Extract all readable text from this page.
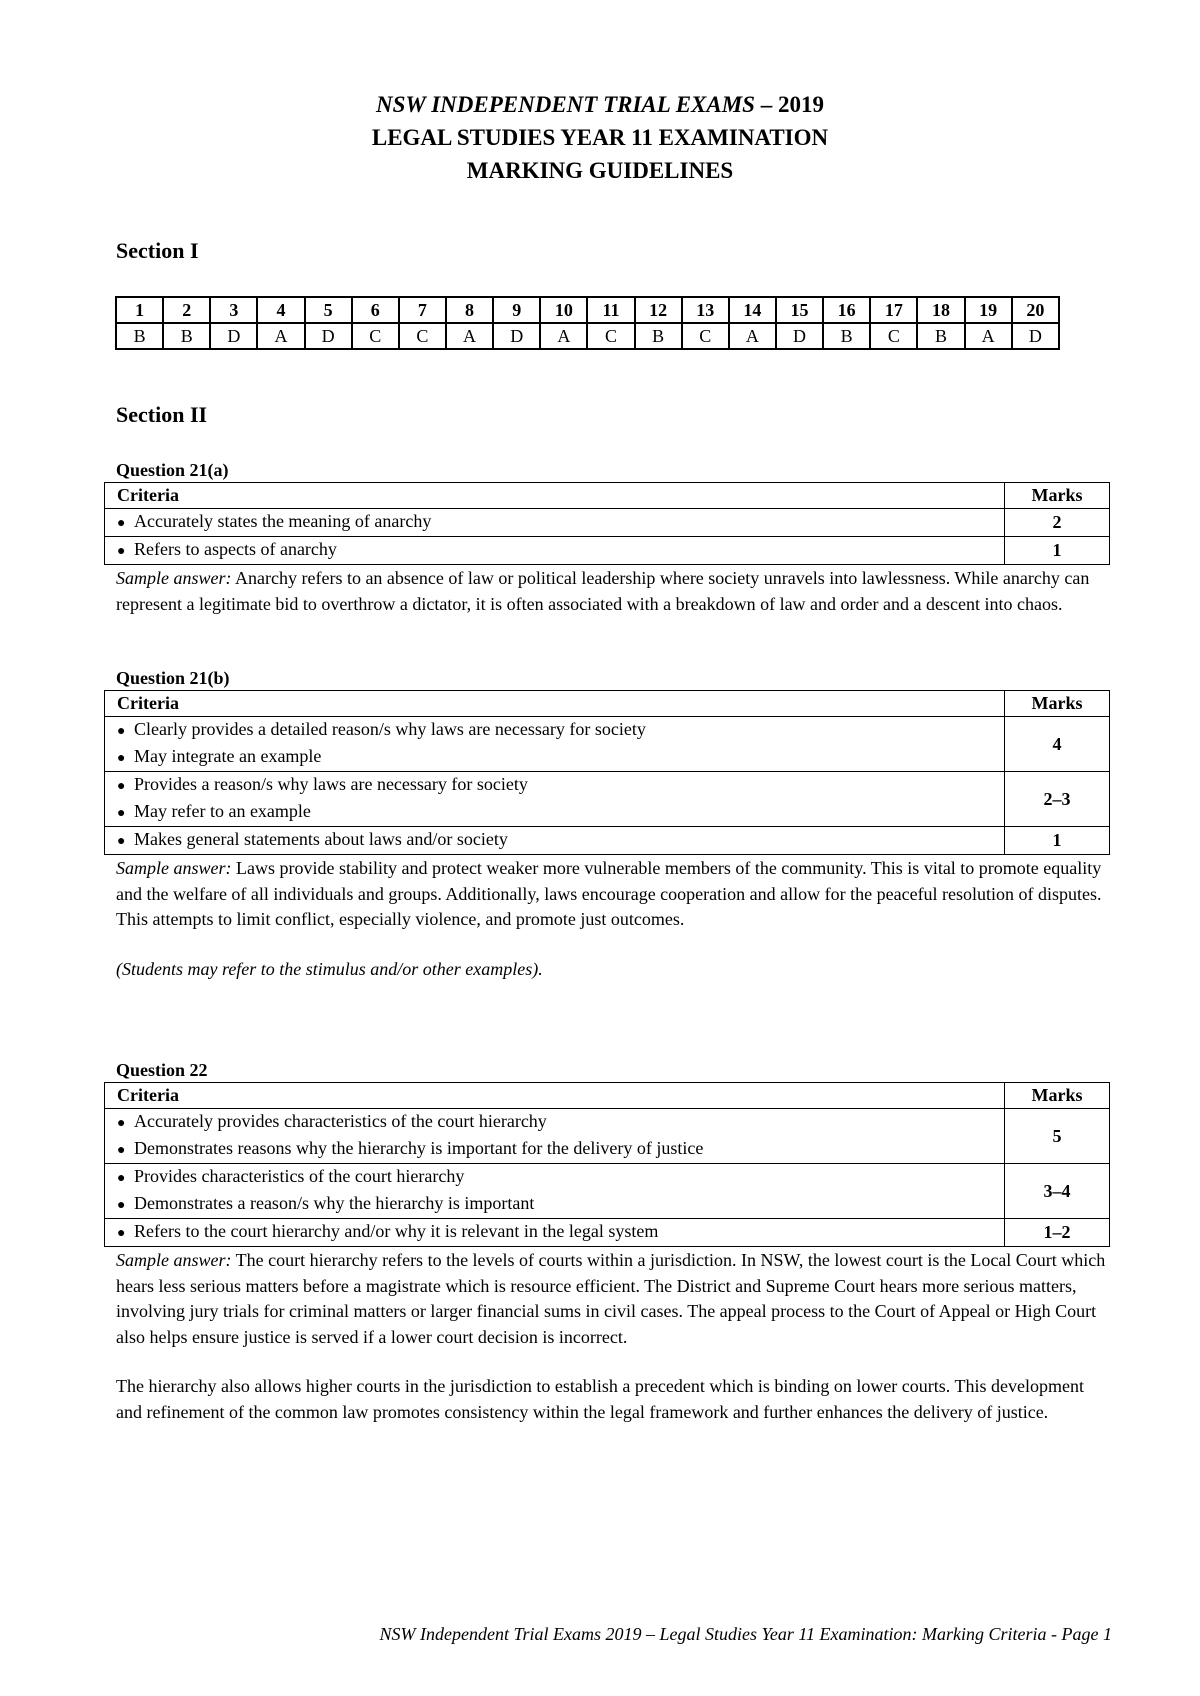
NSW INDEPENDENT TRIAL EXAMS – 2019
LEGAL STUDIES YEAR 11 EXAMINATION
MARKING GUIDELINES
Section I
1	2	3	4	5	6	7	8	9	10	11	12	13	14	15	16	17	18	19	20
B	B	D	A	D	C	C	A	D	A	C	B	C	A	D	B	C	B	A	D
Section II
Question 21(a)
Criteria	Marks

● Accurately states the meaning of anarchy	2

● Refers to aspects of anarchy	1
Sample answer: Anarchy refers to an absence of law or political leadership where society unravels into lawlessness. While anarchy can represent a legitimate bid to overthrow a dictator, it is often associated with a breakdown of law and order and a descent into chaos.
Question 21(b)
Criteria	Marks

● Clearly provides a detailed reason/s why laws are necessary for society
● May integrate an example	4

● Provides a reason/s why laws are necessary for society
● May refer to an example	2–3

● Makes general statements about laws and/or society	1
Sample answer: Laws provide stability and protect weaker more vulnerable members of the community. This is vital to promote equality and the welfare of all individuals and groups. Additionally, laws encourage cooperation and allow for the peaceful resolution of disputes. This attempts to limit conflict, especially violence, and promote just outcomes.
(Students may refer to the stimulus and/or other examples).
Question 22
Criteria	Marks

● Accurately provides characteristics of the court hierarchy
● Demonstrates reasons why the hierarchy is important for the delivery of justice	5

● Provides characteristics of the court hierarchy
● Demonstrates a reason/s why the hierarchy is important	3–4

● Refers to the court hierarchy and/or why it is relevant in the legal system	1–2
Sample answer: The court hierarchy refers to the levels of courts within a jurisdiction. In NSW, the lowest court is the Local Court which hears less serious matters before a magistrate which is resource efficient. The District and Supreme Court hears more serious matters, involving jury trials for criminal matters or larger financial sums in civil cases. The appeal process to the Court of Appeal or High Court also helps ensure justice is served if a lower court decision is incorrect.
The hierarchy also allows higher courts in the jurisdiction to establish a precedent which is binding on lower courts. This development and refinement of the common law promotes consistency within the legal framework and further enhances the delivery of justice.
NSW Independent Trial Exams 2019 – Legal Studies Year 11 Examination: Marking Criteria - Page 1
